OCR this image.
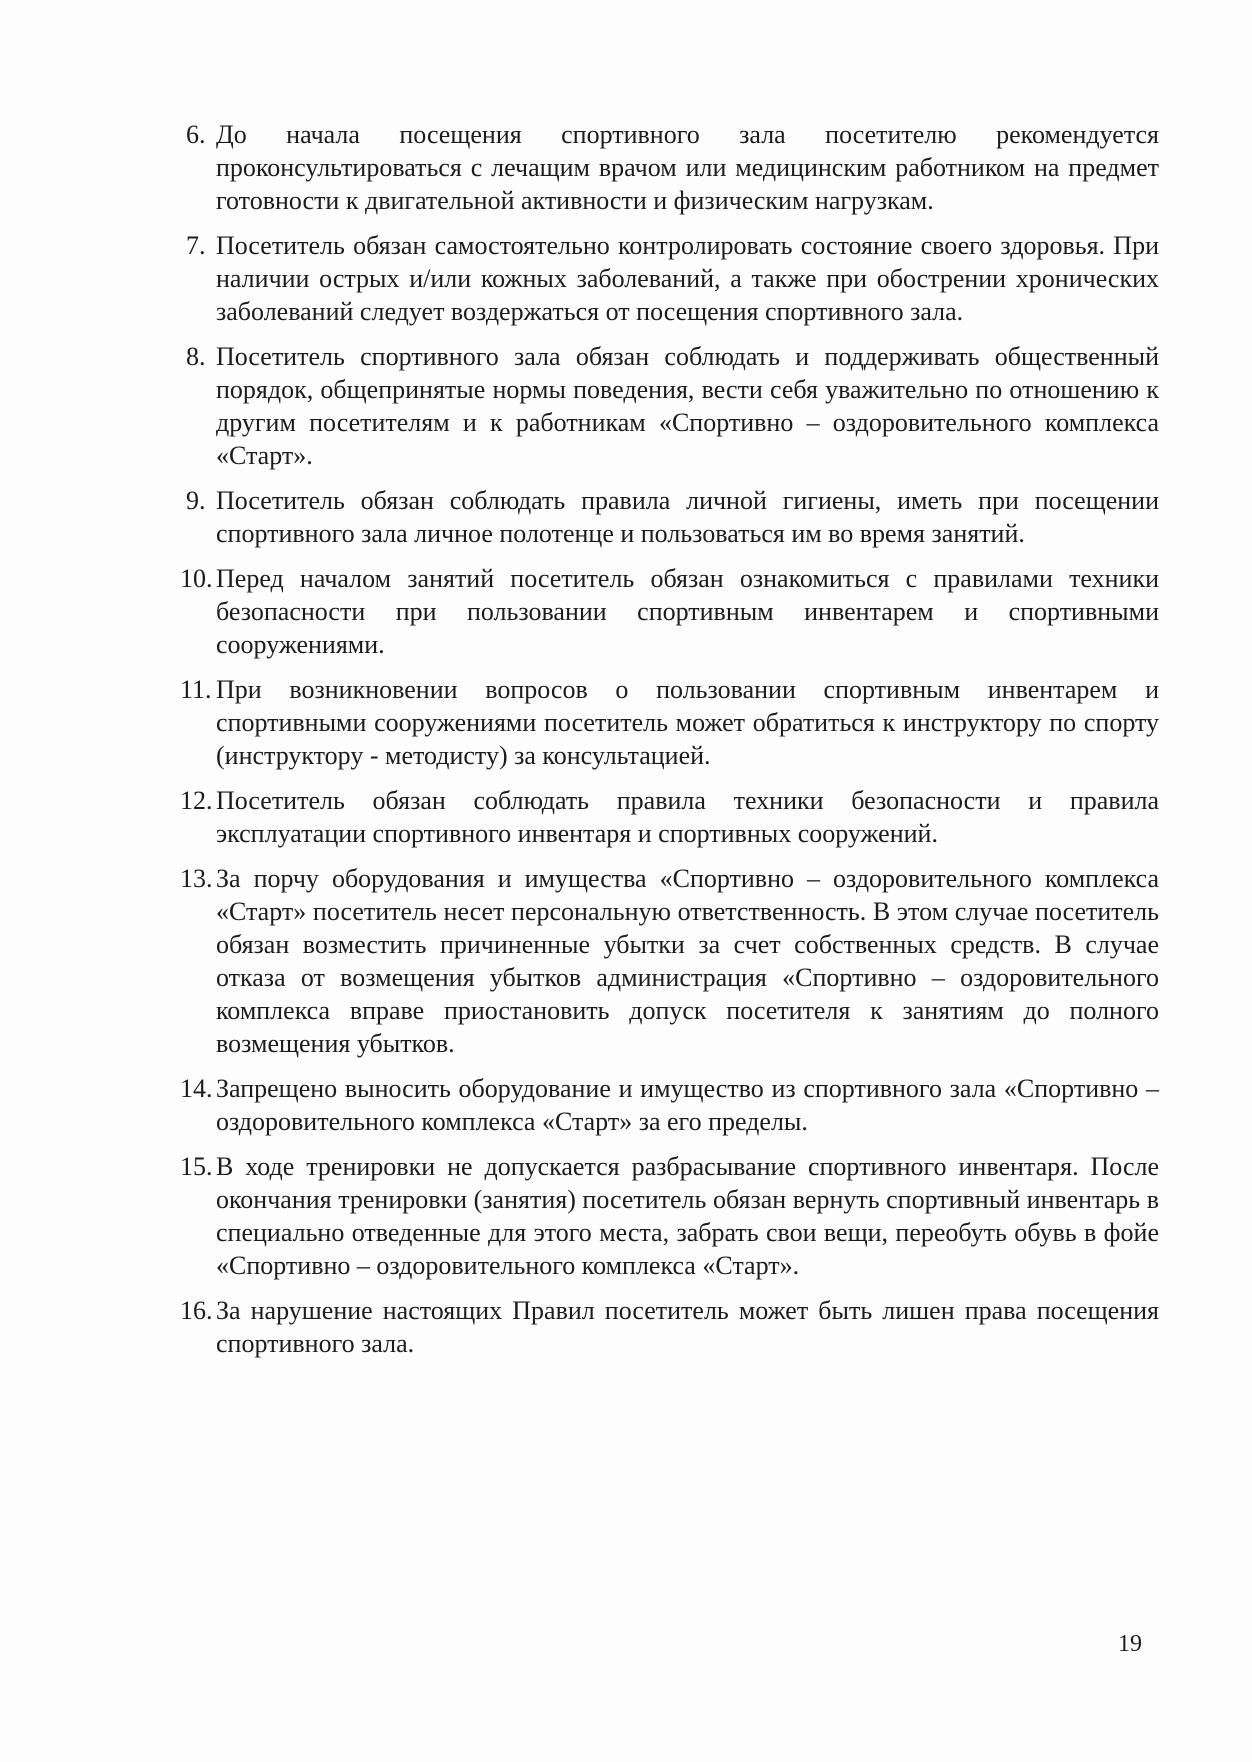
6. До начала посещения спортивного зала посетителю рекомендуется проконсультироваться с лечащим врачом или медицинским работником на предмет готовности к двигательной активности и физическим нагрузкам.
7. Посетитель обязан самостоятельно контролировать состояние своего здоровья. При наличии острых и/или кожных заболеваний, а также при обострении хронических заболеваний следует воздержаться от посещения спортивного зала.
8. Посетитель спортивного зала обязан соблюдать и поддерживать общественный порядок, общепринятые нормы поведения, вести себя уважительно по отношению к другим посетителям и к работникам «Спортивно – оздоровительного комплекса «Старт».
9. Посетитель обязан соблюдать правила личной гигиены, иметь при посещении спортивного зала личное полотенце и пользоваться им во время занятий.
10. Перед началом занятий посетитель обязан ознакомиться с правилами техники безопасности при пользовании спортивным инвентарем и спортивными сооружениями.
11. При возникновении вопросов о пользовании спортивным инвентарем и спортивными сооружениями посетитель может обратиться к инструктору по спорту (инструктору - методисту) за консультацией.
12. Посетитель обязан соблюдать правила техники безопасности и правила эксплуатации спортивного инвентаря и спортивных сооружений.
13. За порчу оборудования и имущества «Спортивно – оздоровительного комплекса «Старт» посетитель несет персональную ответственность. В этом случае посетитель обязан возместить причиненные убытки за счет собственных средств. В случае отказа от возмещения убытков администрация «Спортивно – оздоровительного комплекса вправе приостановить допуск посетителя к занятиям до полного возмещения убытков.
14. Запрещено выносить оборудование и имущество из спортивного зала «Спортивно – оздоровительного комплекса «Старт» за его пределы.
15. В ходе тренировки не допускается разбрасывание спортивного инвентаря. После окончания тренировки (занятия) посетитель обязан вернуть спортивный инвентарь в специально отведенные для этого места, забрать свои вещи, переобуть обувь в фойе «Спортивно – оздоровительного комплекса «Старт».
16. За нарушение настоящих Правил посетитель может быть лишен права посещения спортивного зала.
19
